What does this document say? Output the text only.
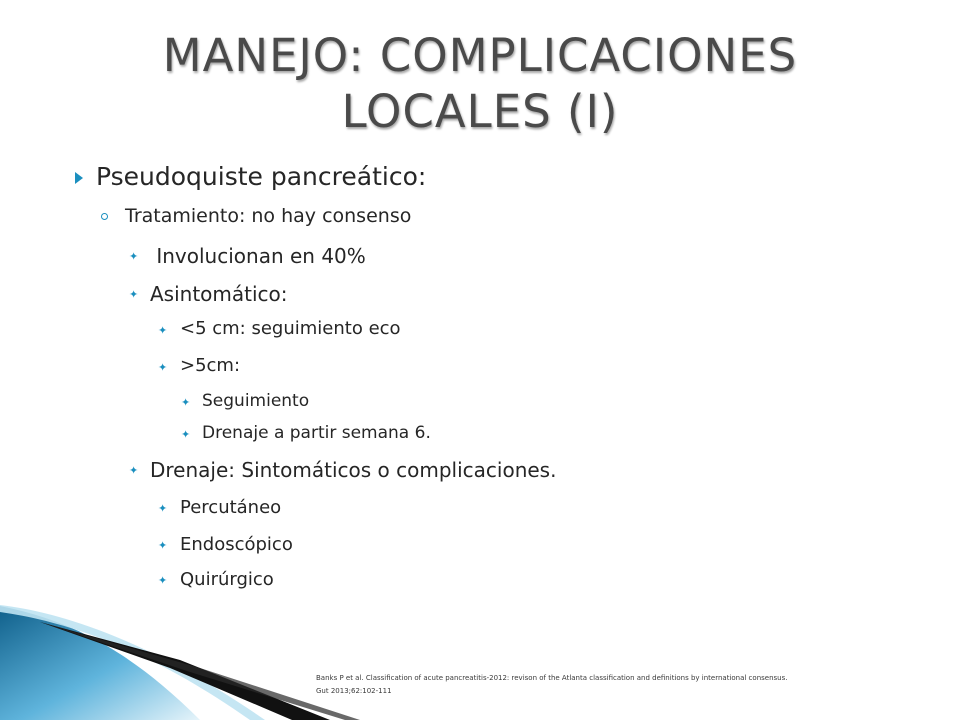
MANEJO: COMPLICACIONES
LOCALES (I)
Pseudoquiste pancreático:
Tratamiento: no hay consenso
✦ Involucionan en 40%
✦ Asintomático:
✦ <5 cm: seguimiento eco
✦ >5cm:
✦ Seguimiento
✦ Drenaje a partir semana 6.
✦ Drenaje: Sintomáticos o complicaciones.
✦ Percutáneo
✦ Endoscópico
✦ Quirúrgico
Banks P et al. Classification of acute pancreatitis-2012: revison of the Atlanta classification and definitions by international consensus.
Gut 2013;62:102-111
